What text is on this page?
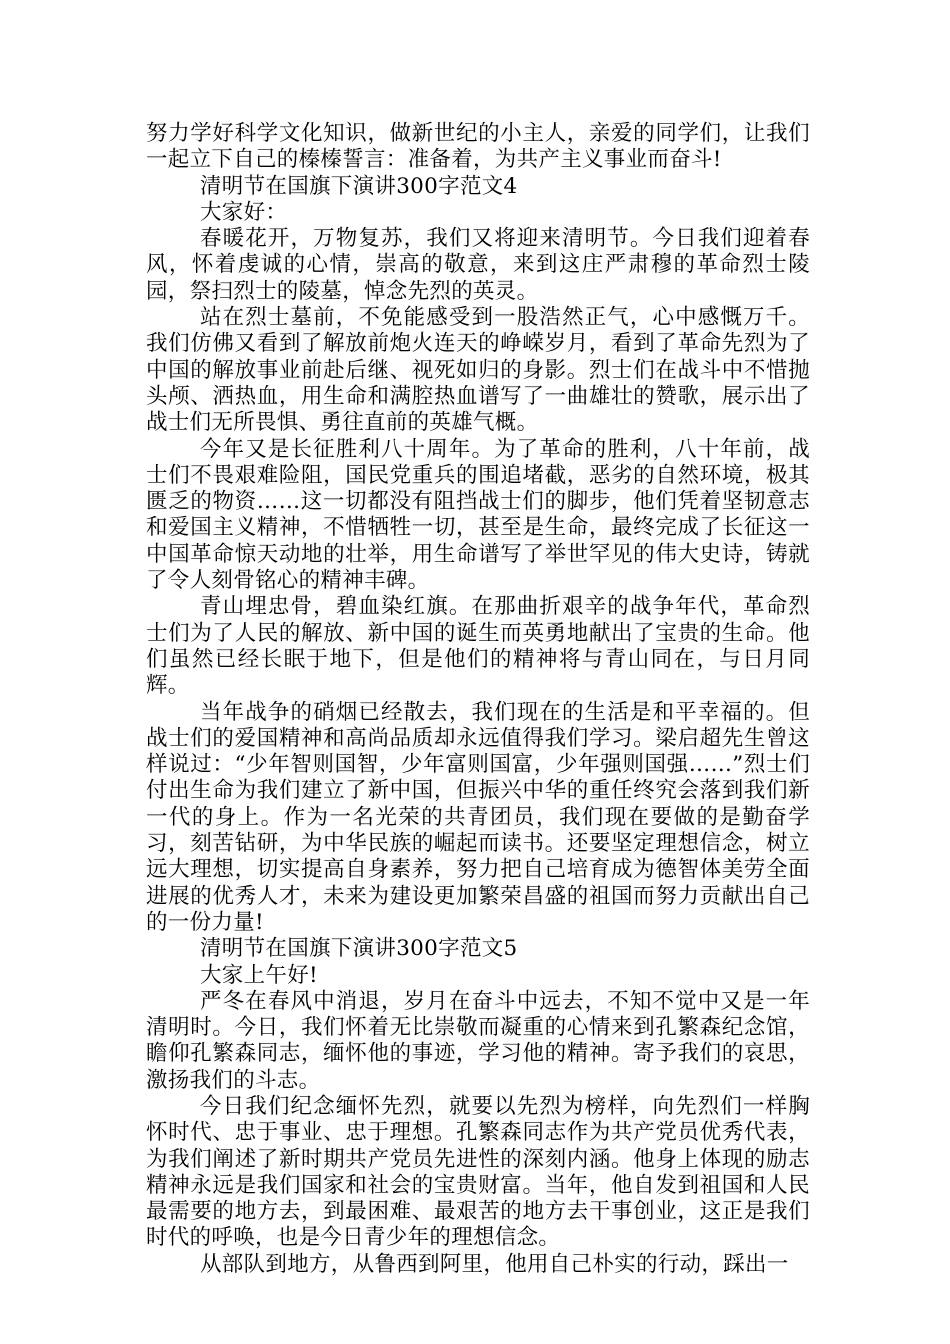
努力学好科学文化知识，做新世纪的小主人，亲爱的同学们，让我们一起立下自己的榛榛誓言：准备着，为共产主义事业而奋斗!

清明节在国旗下演讲300字范文4

大家好：

春暖花开，万物复苏，我们又将迎来清明节。今日我们迎着春风，怀着虔诚的心情，崇高的敬意，来到这庄严肃穆的革命烈士陵园，祭扫烈士的陵墓，悼念先烈的英灵。

站在烈士墓前，不免能感受到一股浩然正气，心中感慨万千。我们仿佛又看到了解放前炮火连天的峥嵘岁月，看到了革命先烈为了中国的解放事业前赴后继、视死如归的身影。烈士们在战斗中不惜抛头颅、洒热血，用生命和满腔热血谱写了一曲雄壮的赞歌，展示出了战士们无所畏惧、勇往直前的英雄气概。

今年又是长征胜利八十周年。为了革命的胜利，八十年前，战士们不畏艰难险阻，国民党重兵的围追堵截，恶劣的自然环境，极其匮乏的物资……这一切都没有阻挡战士们的脚步，他们凭着坚韧意志和爱国主义精神，不惜牺牲一切，甚至是生命，最终完成了长征这一中国革命惊天动地的壮举，用生命谱写了举世罕见的伟大史诗，铸就了令人刻骨铭心的精神丰碑。

青山埋忠骨，碧血染红旗。在那曲折艰辛的战争年代，革命烈士们为了人民的解放、新中国的诞生而英勇地献出了宝贵的生命。他们虽然已经长眠于地下，但是他们的精神将与青山同在，与日月同辉。

当年战争的硝烟已经散去，我们现在的生活是和平幸福的。但战士们的爱国精神和高尚品质却永远值得我们学习。梁启超先生曾这样说过：“少年智则国智，少年富则国富，少年强则国强……”烈士们付出生命为我们建立了新中国，但振兴中华的重任终究会落到我们新一代的身上。作为一名光荣的共青团员，我们现在要做的是勤奋学习，刻苦钻研，为中华民族的崛起而读书。还要坚定理想信念，树立远大理想，切实提高自身素养，努力把自己培育成为德智体美劳全面进展的优秀人才，未来为建设更加繁荣昌盛的祖国而努力贡献出自己的一份力量!

清明节在国旗下演讲300字范文5

大家上午好!

严冬在春风中消退，岁月在奋斗中远去，不知不觉中又是一年清明时。今日，我们怀着无比崇敬而凝重的心情来到孔繁森纪念馆，瞻仰孔繁森同志，缅怀他的事迹，学习他的精神。寄予我们的哀思，激扬我们的斗志。

今日我们纪念缅怀先烈，就要以先烈为榜样，向先烈们一样胸怀时代、忠于事业、忠于理想。孔繁森同志作为共产党员优秀代表，为我们阐述了新时期共产党员先进性的深刻内涵。他身上体现的励志精神永远是我们国家和社会的宝贵财富。当年，他自发到祖国和人民最需要的地方去，到最困难、最艰苦的地方去干事创业，这正是我们时代的呼唤，也是今日青少年的理想信念。

从部队到地方，从鲁西到阿里，他用自己朴实的行动，踩出一
